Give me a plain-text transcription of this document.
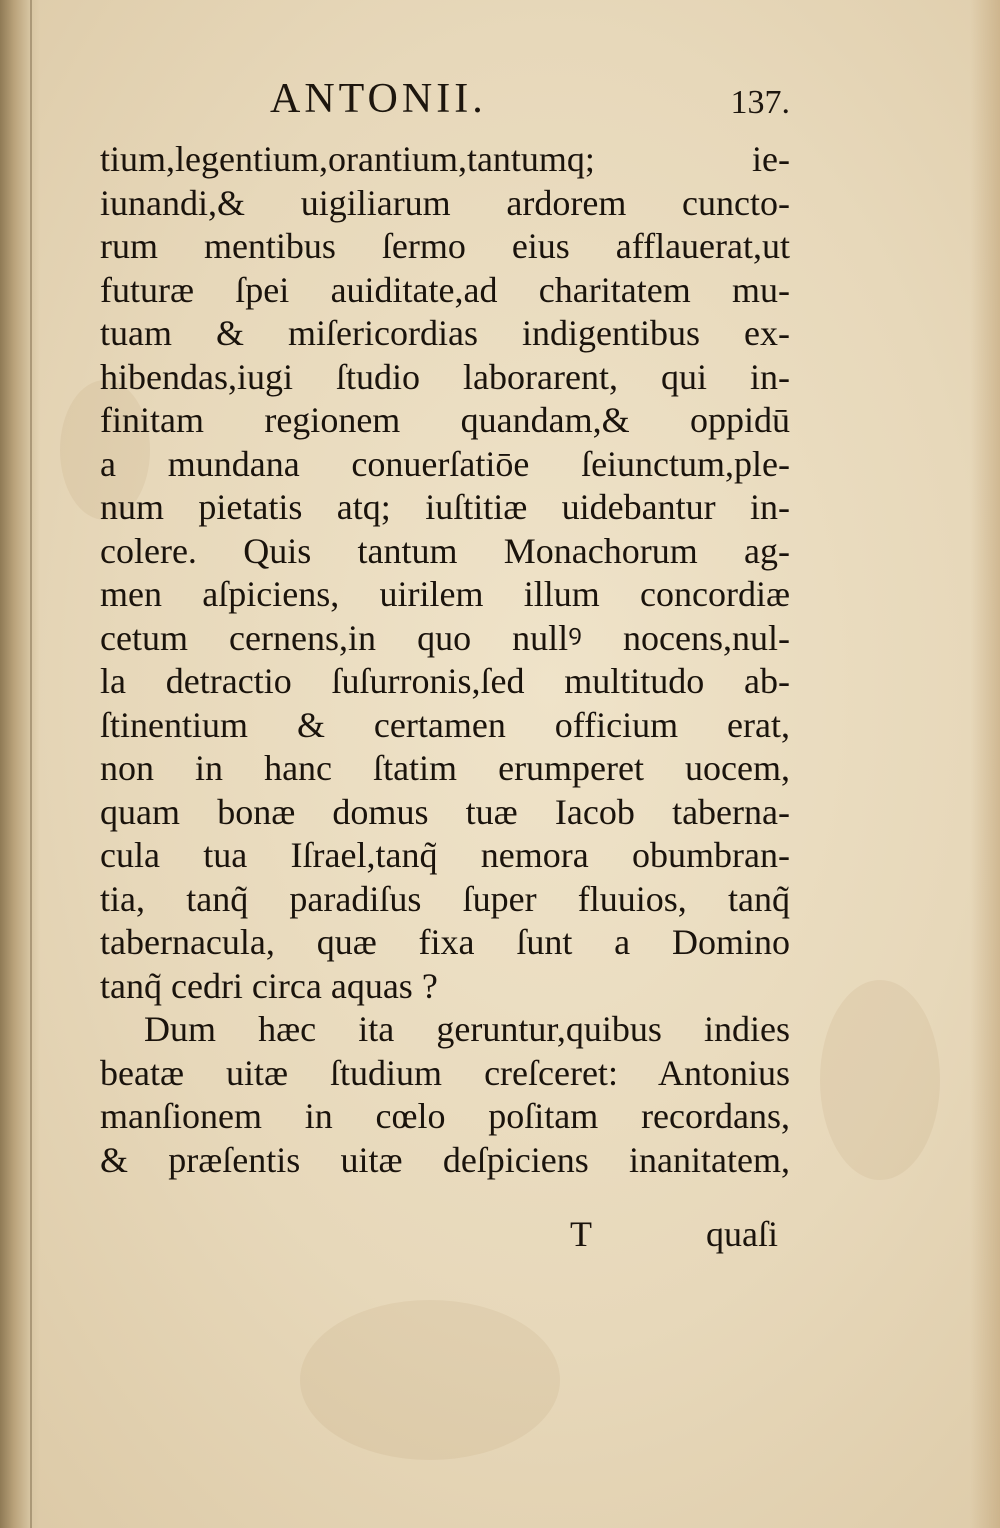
ANTONII.	137.
tium,legentium,orantium,tantumq; ie-
iunandi,& uigiliarum ardorem cuncto-
rum mentibus ſermo eius afflauerat,ut
futuræ ſpei auiditate,ad charitatem mu-
tuam & miſericordias indigentibus ex-
hibendas,iugi ſtudio laborarent, qui in-
finitam regionem quandam,& oppidū
a mundana conuerſatiōe ſeiunctum,ple-
num pietatis atq; iuſtitiæ uidebantur in-
colere. Quis tantum Monachorum ag-
men aſpiciens, uirilem illum concordiæ
cetum cernens,in quo nullꝰ nocens,nul-
la detractio ſuſurronis,ſed multitudo ab-
ſtinentium & certamen officium erat,
non in hanc ſtatim erumperet uocem,
quam bonæ domus tuæ Iacob taberna-
cula tua Iſrael,tanq̃ nemora obumbran-
tia, tanq̃ paradiſus ſuper fluuios, tanq̃
tabernacula, quæ fixa ſunt a Domino
tanq̃ cedri circa aquas ?
Dum hæc ita geruntur,quibus indies
beatæ uitæ ſtudium creſceret: Antonius
manſionem in cœlo poſitam recordans,
& præſentis uitæ deſpiciens inanitatem,
T	quaſi
